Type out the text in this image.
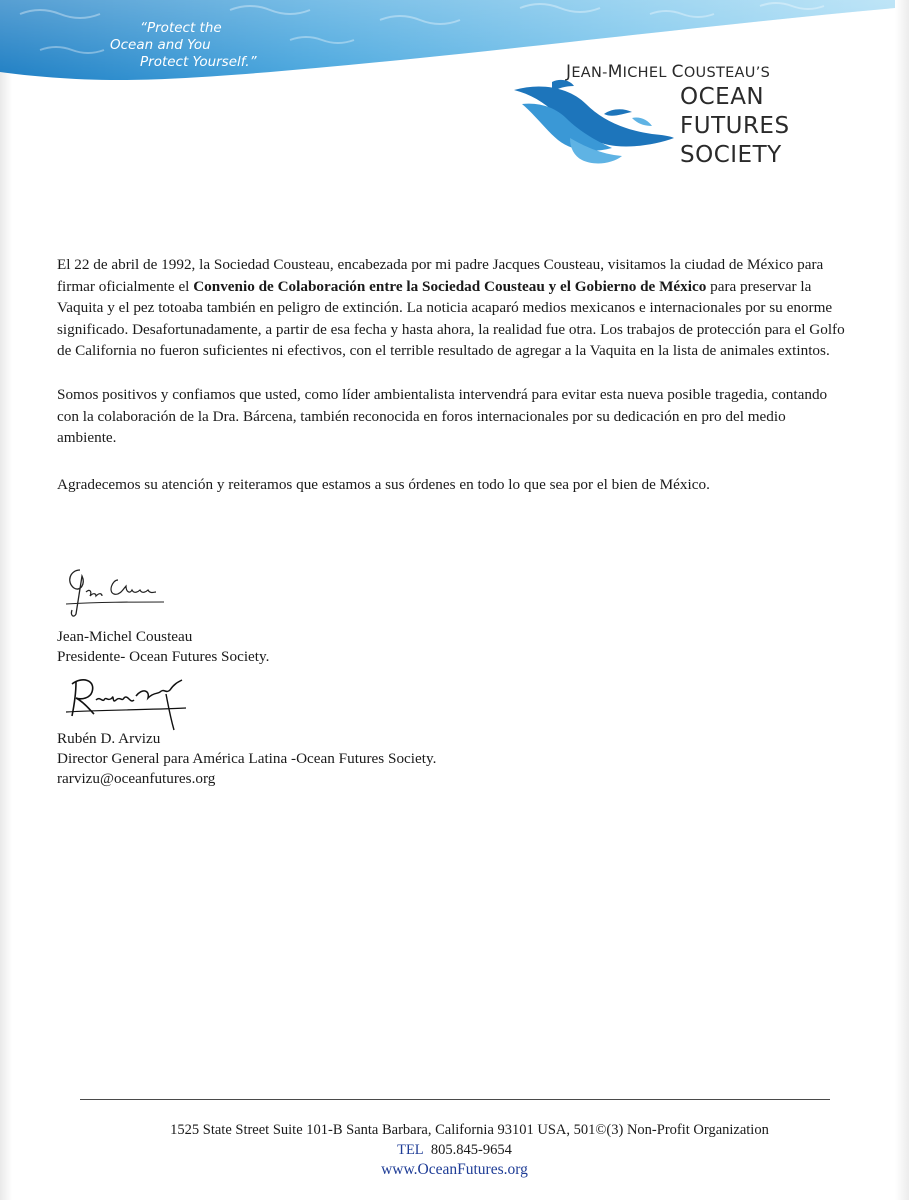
“Protect the
Ocean and You
Protect Yourself.”	JEAN-MICHEL COUSTEAU’S
OCEAN
FUTURES
SOCIETY

El 22 de abril de 1992, la Sociedad Cousteau, encabezada por mi padre Jacques Cousteau, visitamos la ciudad de México para firmar oficialmente el Convenio de Colaboración entre la Sociedad Cousteau y el Gobierno de México para preservar la Vaquita y el pez totoaba también en peligro de extinción. La noticia acaparó medios mexicanos e internacionales por su enorme significado. Desafortunadamente, a partir de esa fecha y hasta ahora, la realidad fue otra. Los trabajos de protección para el Golfo de California no fueron suficientes ni efectivos, con el terrible resultado de agregar a la Vaquita en la lista de animales extintos.

Somos positivos y confiamos que usted, como líder ambientalista intervendrá para evitar esta nueva posible tragedia, contando con la colaboración de la Dra. Bárcena, también reconocida en foros internacionales por su dedicación en pro del medio ambiente.

Agradecemos su atención y reiteramos que estamos a sus órdenes en todo lo que sea por el bien de México.

Jean-Michel Cousteau
Presidente- Ocean Futures Society.
Rubén D. Arvizu
Director General para América Latina -Ocean Futures Society.
rarvizu@oceanfutures.org
1525 State Street Suite 101-B Santa Barbara, California 93101 USA, 501©(3) Non-Profit Organization
TEL 805.845-9654
www.OceanFutures.org
